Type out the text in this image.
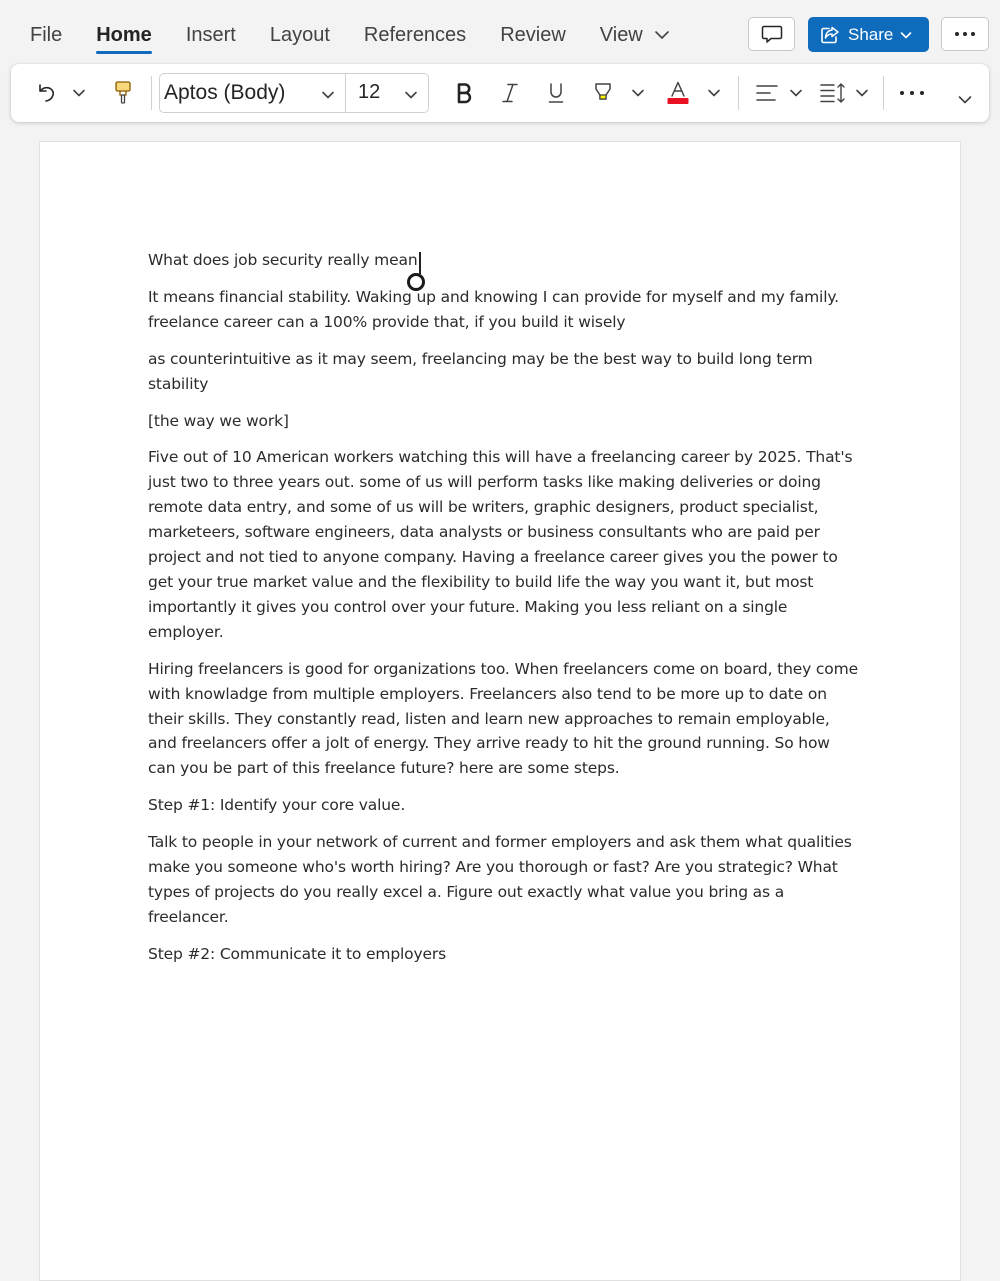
File Home Insert Layout References Review View	Share
Aptos (Body)	12

What does job security really mean

It means financial stability. Waking up and knowing I can provide for myself and my family. freelance career can a 100% provide that, if you build it wisely

as counterintuitive as it may seem, freelancing may be the best way to build long term stability

[the way we work]

Five out of 10 American workers watching this will have a freelancing career by 2025. That's just two to three years out. some of us will perform tasks like making deliveries or doing remote data entry, and some of us will be writers, graphic designers, product specialist, marketeers, software engineers, data analysts or business consultants who are paid per project and not tied to anyone company. Having a freelance career gives you the power to get your true market value and the flexibility to build life the way you want it, but most importantly it gives you control over your future. Making you less reliant on a single employer.

Hiring freelancers is good for organizations too. When freelancers come on board, they come with knowladge from multiple employers. Freelancers also tend to be more up to date on their skills. They constantly read, listen and learn new approaches to remain employable, and freelancers offer a jolt of energy. They arrive ready to hit the ground running. So how can you be part of this freelance future? here are some steps.

Step #1: Identify your core value.

Talk to people in your network of current and former employers and ask them what qualities make you someone who's worth hiring? Are you thorough or fast? Are you strategic? What types of projects do you really excel a. Figure out exactly what value you bring as a freelancer.

Step #2: Communicate it to employers
